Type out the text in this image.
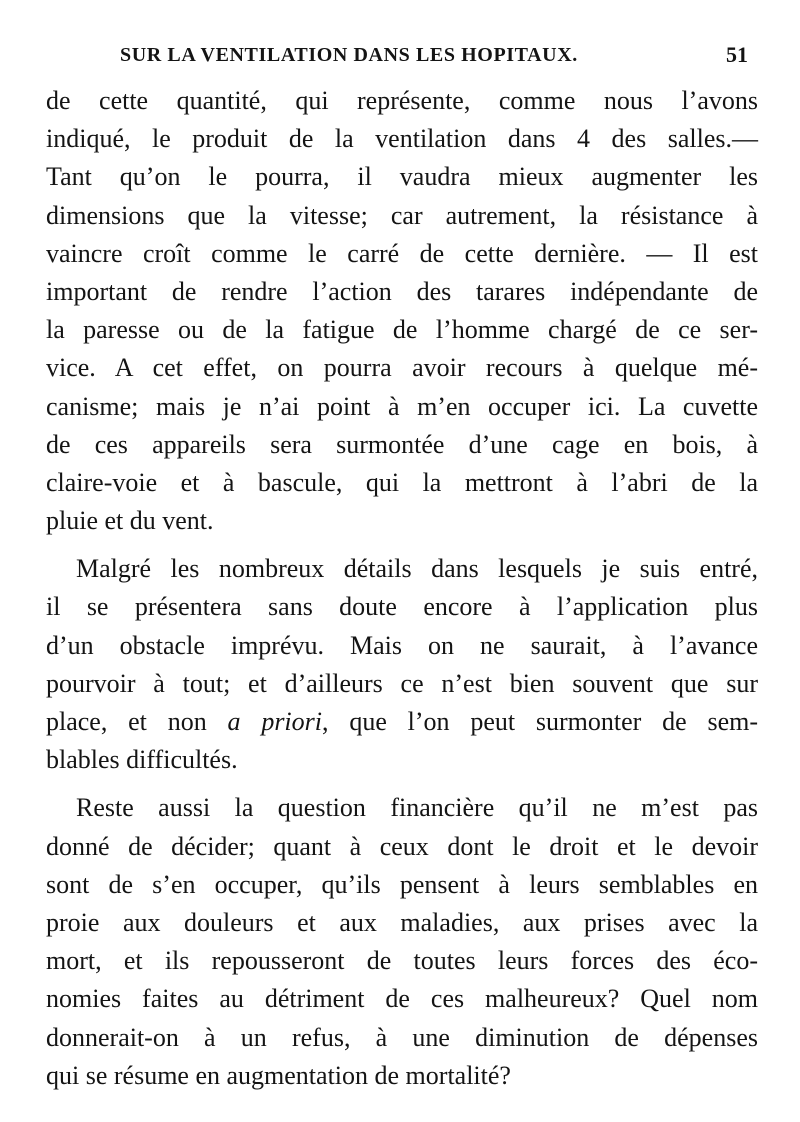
SUR LA VENTILATION DANS LES HOPITAUX.	51
de cette quantité, qui représente, comme nous l’avons
indiqué, le produit de la ventilation dans 4 des salles.—
Tant qu’on le pourra, il vaudra mieux augmenter les
dimensions que la vitesse; car autrement, la résistance à
vaincre croît comme le carré de cette dernière. — Il est
important de rendre l’action des tarares indépendante de
la paresse ou de la fatigue de l’homme chargé de ce ser-
vice. A cet effet, on pourra avoir recours à quelque mé-
canisme; mais je n’ai point à m’en occuper ici. La cuvette
de ces appareils sera surmontée d’une cage en bois, à
claire-voie et à bascule, qui la mettront à l’abri de la
pluie et du vent.
Malgré les nombreux détails dans lesquels je suis entré,
il se présentera sans doute encore à l’application plus
d’un obstacle imprévu. Mais on ne saurait, à l’avance
pourvoir à tout; et d’ailleurs ce n’est bien souvent que sur
place, et non a priori, que l’on peut surmonter de sem-
blables difficultés.
Reste aussi la question financière qu’il ne m’est pas
donné de décider; quant à ceux dont le droit et le devoir
sont de s’en occuper, qu’ils pensent à leurs semblables en
proie aux douleurs et aux maladies, aux prises avec la
mort, et ils repousseront de toutes leurs forces des éco-
nomies faites au détriment de ces malheureux? Quel nom
donnerait-on à un refus, à une diminution de dépenses
qui se résume en augmentation de mortalité?
